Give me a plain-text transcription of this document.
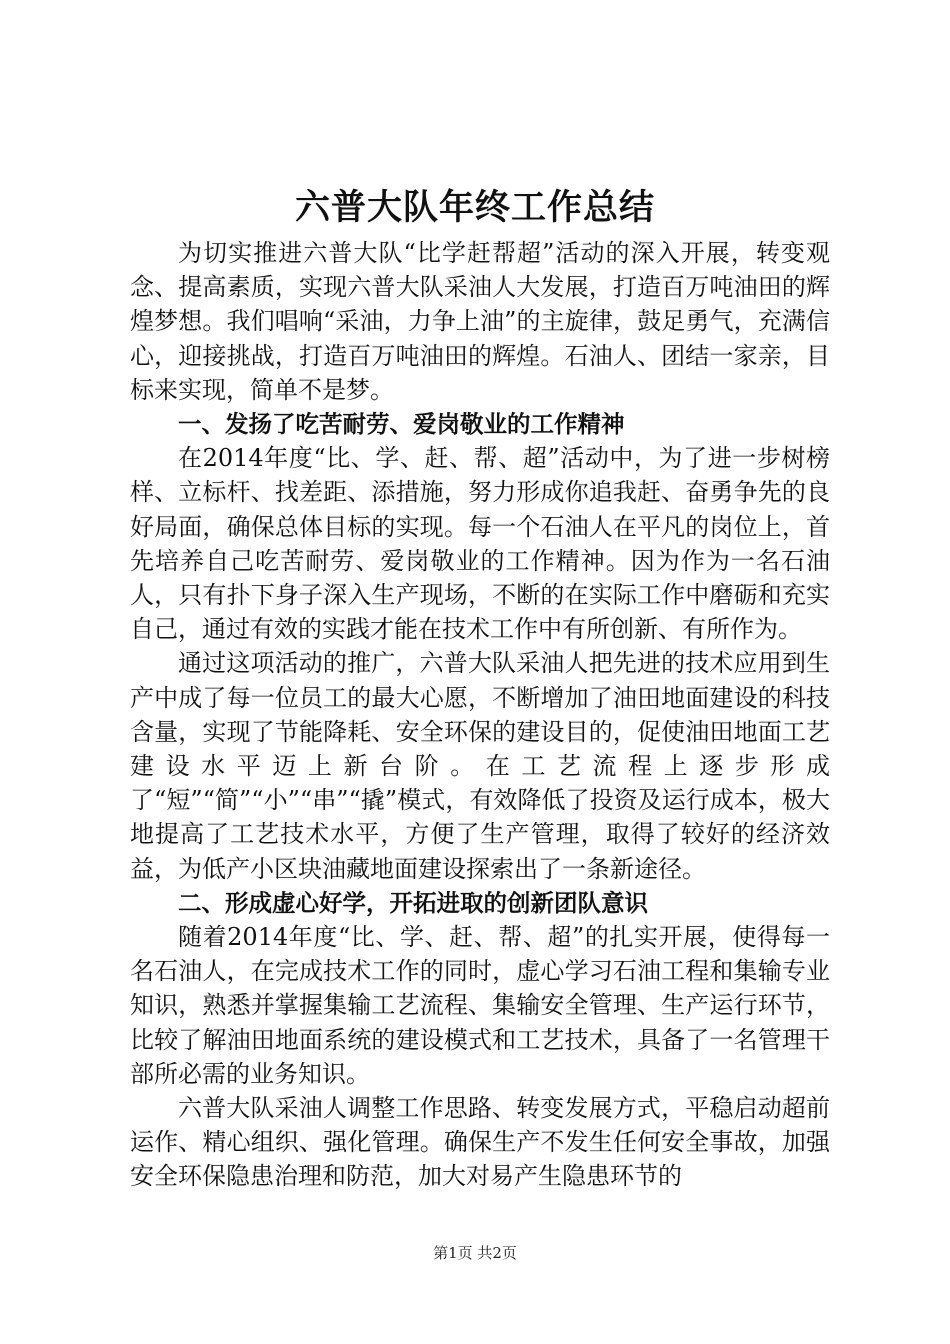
六普大队年终工作总结

为切实推进六普大队“比学赶帮超”活动的深入开展，转变观念、提高素质，实现六普大队采油人大发展，打造百万吨油田的辉煌梦想。我们唱响“采油，力争上油”的主旋律，鼓足勇气，充满信心，迎接挑战，打造百万吨油田的辉煌。石油人、团结一家亲，目标来实现，简单不是梦。

一、发扬了吃苦耐劳、爱岗敬业的工作精神

在2014年度“比、学、赶、帮、超”活动中，为了进一步树榜样、立标杆、找差距、添措施，努力形成你追我赶、奋勇争先的良好局面，确保总体目标的实现。每一个石油人在平凡的岗位上，首先培养自己吃苦耐劳、爱岗敬业的工作精神。因为作为一名石油人，只有扑下身子深入生产现场，不断的在实际工作中磨砺和充实自己，通过有效的实践才能在技术工作中有所创新、有所作为。

通过这项活动的推广，六普大队采油人把先进的技术应用到生产中成了每一位员工的最大心愿，不断增加了油田地面建设的科技含量，实现了节能降耗、安全环保的建设目的，促使油田地面工艺建设水平迈上新台阶。在工艺流程上逐步形成了“短”“简”“小”“串”“撬”模式，有效降低了投资及运行成本，极大地提高了工艺技术水平，方便了生产管理，取得了较好的经济效益，为低产小区块油藏地面建设探索出了一条新途径。

二、形成虚心好学，开拓进取的创新团队意识

随着2014年度“比、学、赶、帮、超”的扎实开展，使得每一名石油人，在完成技术工作的同时，虚心学习石油工程和集输专业知识，熟悉并掌握集输工艺流程、集输安全管理、生产运行环节，比较了解油田地面系统的建设模式和工艺技术，具备了一名管理干部所必需的业务知识。

六普大队采油人调整工作思路、转变发展方式，平稳启动超前运作、精心组织、强化管理。确保生产不发生任何安全事故，加强安全环保隐患治理和防范，加大对易产生隐患环节的

第1页 共2页
